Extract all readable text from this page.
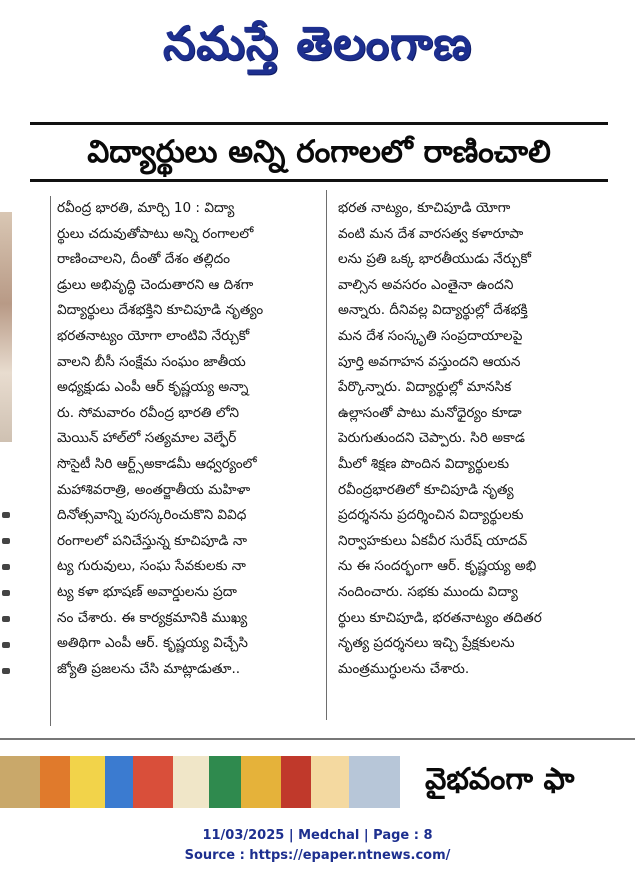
నమస్తే తెలంగాణ
విద్యార్థులు అన్ని రంగాలలో రాణించాలి

రవీంద్ర భారతి, మార్చి 10 : విద్యా
ర్థులు చదువుతోపాటు అన్ని రంగాలలో
రాణించాలని, దీంతో దేశం తల్లిదం
డ్రులు అభివృద్ధి చెందుతారని ఆ దిశగా
విద్యార్థులు దేశభక్తిని కూచిపూడి నృత్యం
భరతనాట్యం యోగా లాంటివి నేర్చుకో
వాలని బీసీ సంక్షేమ సంఘం జాతీయ
అధ్యక్షుడు ఎంపీ ఆర్ కృష్ణయ్య అన్నా
రు. సోమవారం రవీంద్ర భారతి లోని
మెయిన్ హాల్‌లో సత్యమాల వెల్ఫేర్
సొసైటీ సిరి ఆర్ట్స్‌అకాడమీ ఆధ్వర్యంలో
మహాశివరాత్రి, అంతర్జాతీయ మహిళా
దినోత్సవాన్ని పురస్కరించుకొని వివిధ
రంగాలలో పనిచేస్తున్న కూచిపూడి నా
ట్య గురువులు, సంఘ సేవకులకు నా
ట్య కళా భూషణ్ అవార్డులను ప్రదా
నం చేశారు. ఈ కార్యక్రమానికి ముఖ్య
అతిథిగా ఎంపీ ఆర్. కృష్ణయ్య విచ్చేసి
జ్యోతి ప్రజలను చేసి మాట్లాడుతూ..

భరత నాట్యం, కూచిపూడి యోగా
వంటి మన దేశ వారసత్వ కళారూపా
లను ప్రతి ఒక్క భారతీయుడు నేర్చుకో
వాల్సిన అవసరం ఎంతైనా ఉందని
అన్నారు. దీనివల్ల విద్యార్థుల్లో దేశభక్తి
మన దేశ సంస్కృతి సంప్రదాయాలపై
పూర్తి అవగాహన వస్తుందని ఆయన
పేర్కొన్నారు. విద్యార్థుల్లో మానసిక
ఉల్లాసంతో పాటు మనోధైర్యం కూడా
పెరుగుతుందని చెప్పారు. సిరి అకాడ
మీలో శిక్షణ పొందిన విద్యార్థులకు
రవీంద్రభారతిలో కూచిపూడి నృత్య
ప్రదర్శనను ప్రదర్శించిన విద్యార్థులకు
నిర్వాహకులు ఏకవీర సురేష్ యాదవ్
ను ఈ సందర్భంగా ఆర్. కృష్ణయ్య అభి
నందించారు. సభకు ముందు విద్యా
ర్థులు కూచిపూడి, భరతనాట్యం తదితర
నృత్య ప్రదర్శనలు ఇచ్చి ప్రేక్షకులను
మంత్రముగ్ధులను చేశారు.

వైభవంగా ఫా
11/03/2025 | Medchal | Page : 8
Source : https://epaper.ntnews.com/
